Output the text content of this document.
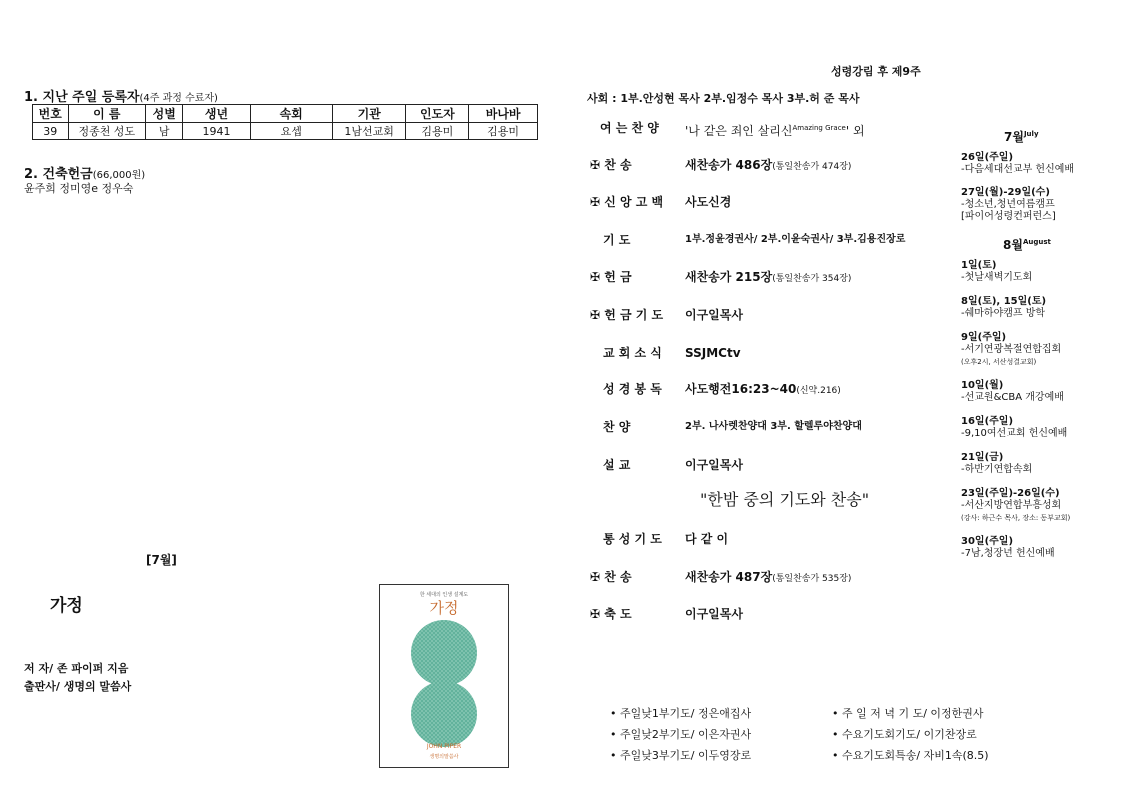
1. 지난 주일 등록자(4주 과정 수료자)
번호	이 름	성별	생년	속회	기관	인도자	바나바
39	정종천 성도	남	1941	요셉	1남선교회	김용미	김용미
2. 건축헌금(66,000원)
윤주희 정미영e 정우숙
[7월]
가정
저 자/ 존 파이퍼 지음
출판사/ 생명의 말씀사
한 세대의 인생 설계도
가정
JOHN PIPER
생명의말씀사
성령강림 후 제9주
사회 : 1부.안성현 목사 2부.임정수 목사 3부.허 준 목사
여 는 찬 양	'나 같은 죄인 살리신$^{Amazing Grace}$' 외
✠ 찬 송	새찬송가 486장(통일찬송가 474장)
✠ 신 앙 고 백	사도신경
기 도	1부.정윤경권사/ 2부.이윤숙권사/ 3부.김용진장로
✠ 헌 금	새찬송가 215장(통일찬송가 354장)
✠ 헌 금 기 도	이구일목사
교 회 소 식	SSJMCtv
성 경 봉 독	사도행전16:23~40(신약.216)
찬 양	2부. 나사렛찬양대 3부. 할렐루야찬양대
설 교	이구일목사
"한밤 중의 기도와 찬송"
통 성 기 도	다 같 이
✠ 찬 송	새찬송가 487장(통일찬송가 535장)
✠ 축 도	이구일목사
7월$^{July}$
26일(주일)
-다음세대선교부 헌신예배
27일(월)-29일(수)
-청소년,청년여름캠프
[파이어성령컨퍼런스]
8월$^{August}$
1일(토)
-첫날새벽기도회
8일(토), 15일(토)
-쉐마하야캠프 방학
9일(주일)
-서기연광복절연합집회
(오후2시, 서산성결교회)
10일(월)
-선교원&CBA 개강예배
16일(주일)
-9,10여선교회 헌신예배
21일(금)
-하반기연합속회
23일(주일)-26일(수)
-서산지방연합부흥성회
(강사: 하근수 목사, 장소: 동부교회)
30일(주일)
-7남,청장년 헌신예배
• 주일낮1부기도/ 정은애집사
• 주일낮2부기도/ 이은자권사
• 주일낮3부기도/ 이두영장로
• 주 일 저 녁 기 도/ 이정한권사
• 수요기도회기도/ 이기찬장로
• 수요기도회특송/ 자비1속(8.5)
